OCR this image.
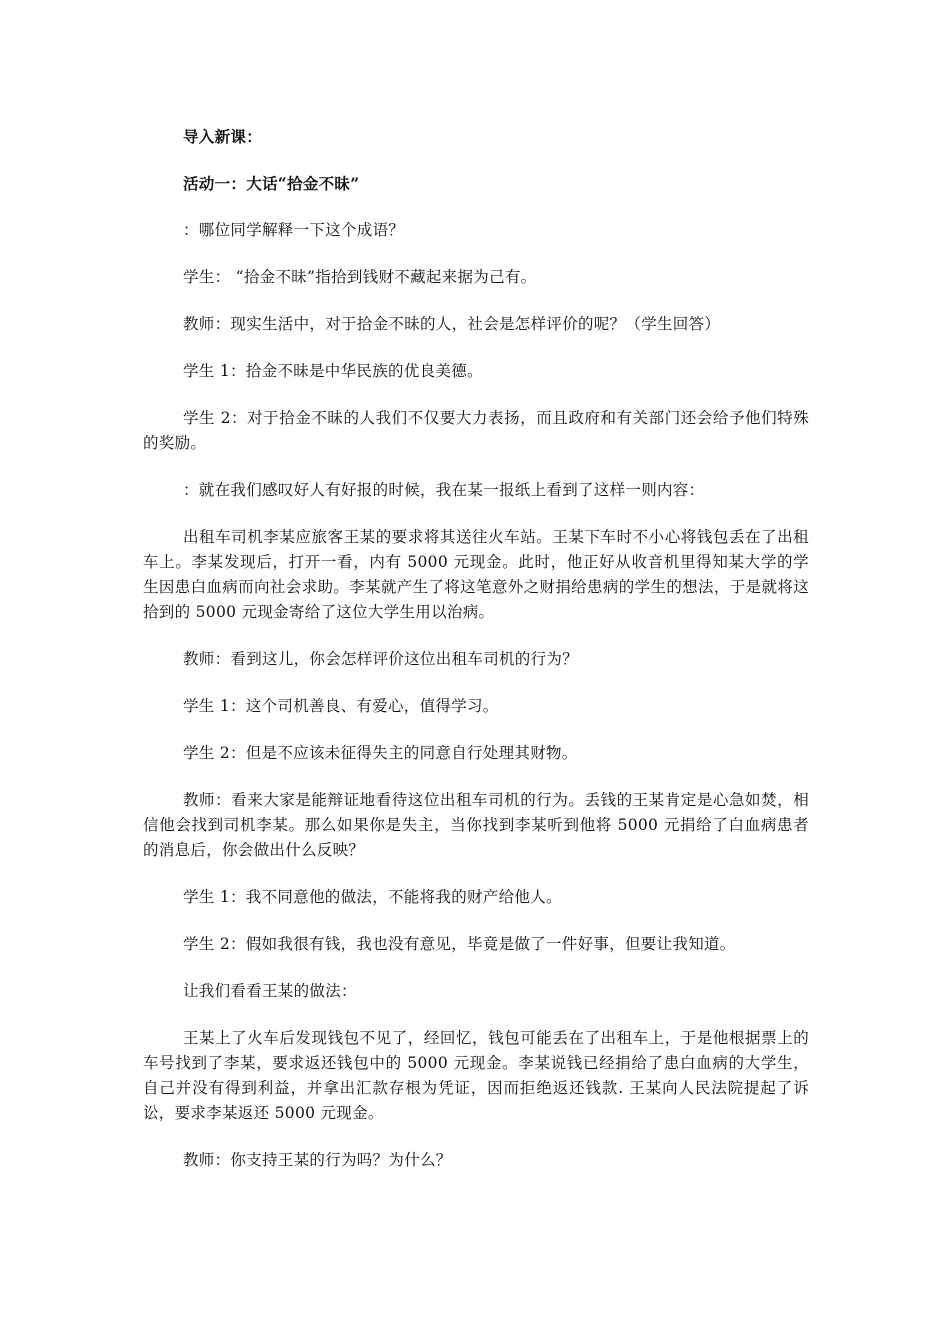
导入新课：

活动一：大话“拾金不昧”

：哪位同学解释一下这个成语？

学生： “拾金不昧”指拾到钱财不藏起来据为己有。

教师：现实生活中，对于拾金不昧的人，社会是怎样评价的呢？（学生回答）

学生 1：拾金不昧是中华民族的优良美德。

学生 2：对于拾金不昧的人我们不仅要大力表扬，而且政府和有关部门还会给予他们特殊的奖励。

：就在我们感叹好人有好报的时候，我在某一报纸上看到了这样一则内容：

出租车司机李某应旅客王某的要求将其送往火车站。王某下车时不小心将钱包丢在了出租车上。李某发现后，打开一看，内有 5000 元现金。此时，他正好从收音机里得知某大学的学生因患白血病而向社会求助。李某就产生了将这笔意外之财捐给患病的学生的想法，于是就将这拾到的 5000 元现金寄给了这位大学生用以治病。

教师：看到这儿，你会怎样评价这位出租车司机的行为？

学生 1：这个司机善良、有爱心，值得学习。

学生 2：但是不应该未征得失主的同意自行处理其财物。

教师：看来大家是能辩证地看待这位出租车司机的行为。丢钱的王某肯定是心急如焚，相信他会找到司机李某。那么如果你是失主，当你找到李某听到他将 5000 元捐给了白血病患者的消息后，你会做出什么反映？

学生 1：我不同意他的做法，不能将我的财产给他人。

学生 2：假如我很有钱，我也没有意见，毕竟是做了一件好事，但要让我知道。

让我们看看王某的做法：

王某上了火车后发现钱包不见了，经回忆，钱包可能丢在了出租车上，于是他根据票上的车号找到了李某，要求返还钱包中的 5000 元现金。李某说钱已经捐给了患白血病的大学生，自己并没有得到利益，并拿出汇款存根为凭证，因而拒绝返还钱款. 王某向人民法院提起了诉讼，要求李某返还 5000 元现金。

教师：你支持王某的行为吗？为什么？
